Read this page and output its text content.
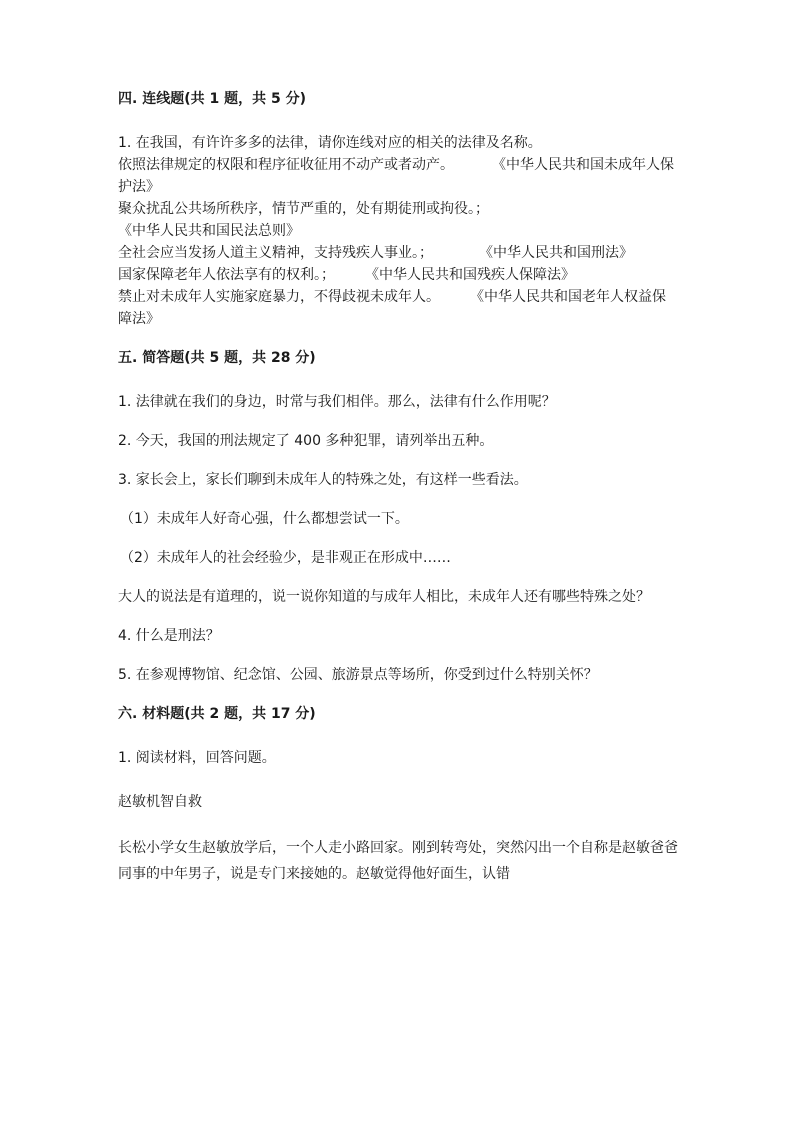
四. 连线题(共 1 题，共 5 分)

1. 在我国，有许许多多的法律，请你连线对应的相关的法律及名称。

依照法律规定的权限和程序征收征用不动产或者动产。	《中华人民共和国未成年人保护法》

聚众扰乱公共场所秩序，情节严重的，处有期徒刑或拘役。；《中华人民共和国民法总则》

全社会应当发扬人道主义精神，支持残疾人事业。；	《中华人民共和国刑法》

国家保障老年人依法享有的权利。； 《中华人民共和国残疾人保障法》

禁止对未成年人实施家庭暴力，不得歧视未成年人。 《中华人民共和国老年人权益保障法》

五. 简答题(共 5 题，共 28 分)

1. 法律就在我们的身边，时常与我们相伴。那么，法律有什么作用呢？

2. 今天，我国的刑法规定了 400 多种犯罪，请列举出五种。

3. 家长会上，家长们聊到未成年人的特殊之处，有这样一些看法。

（1）未成年人好奇心强，什么都想尝试一下。

（2）未成年人的社会经验少，是非观正在形成中……

大人的说法是有道理的，说一说你知道的与成年人相比，未成年人还有哪些特殊之处？

4. 什么是刑法？

5. 在参观博物馆、纪念馆、公园、旅游景点等场所，你受到过什么特别关怀？

六. 材料题(共 2 题，共 17 分)

1. 阅读材料，回答问题。

赵敏机智自救

长松小学女生赵敏放学后，一个人走小路回家。刚到转弯处，突然闪出一个自称是赵敏爸爸同事的中年男子，说是专门来接她的。赵敏觉得他好面生，认错
